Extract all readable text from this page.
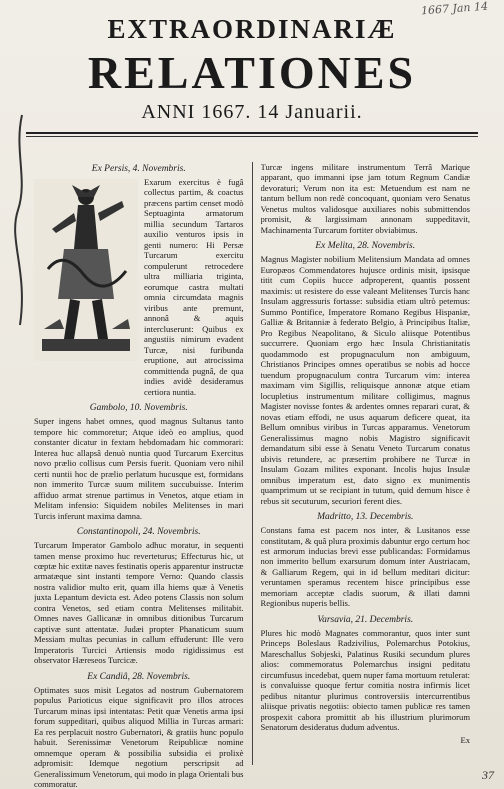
1667 Jan 14
EXTRAORDINARIÆ
RELATIONES
ANNI 1667. 14 Januarii.
Ex Persis, 4. Novembris.
Exarum exercitus è fugâ collectus partim, & coactus præcens partim censet modò Septuaginta armatorum millia secundum Tartaros auxilio venturos ipsis in genti numero: Hi Persæ Turcarum exercitu compulerunt retrocedere ultra milliaria triginta, eorumque castra multati omnia circumdata magnis viribus ante premunt, annonâ & aquis intercluserunt: Quibus ex angustiis nimirum evadent Turcæ, nisi furibunda eruptione, aut atrocissima committenda pugnâ, de qua indies avidè desideramus certiora nuntia.
Gambolo, 10. Novembris.
Super ingens habet omnes, quod magnus Sultanus tanto tempore hic commoretur; Atque ideò eo amplius, quod constanter dicatur in fextam hebdomadam hic commorari: Interea huc allapsâ denuò nuntia quod Turcarum Exercitus novo prælio collisus cum Persis fuerit. Quoniam vero nihil certi nuntii hoc de prælio perlatum hucusque est, formidans non immerito Turcæ suum militem succubuisse. Interim affiduo armat strenue partimus in Venetos, atque etiam in Melitam infensio: Siquidem nobiles Melitenses in mari Turcis inferunt maxima damna.
Constantinopoli, 24. Novembris.
Turcarum Imperator Gambolo adhuc moratur, in sequenti tamen mense proximo huc reverteturus; Effecturus hic, ut cœptæ hic extitæ naves festinatis operis apparentur instructæ armatæque sint instanti tempore Verno: Quando classis nostra validior multo erit, quam illa hiems quæ à Venetis juxta Lepantum devicta est. Adeo potens Classis non solum contra Venetos, sed etiam contra Melitenses militabit. Omnes naves Gallicanæ in omnibus ditionibus Turcarum captivæ sunt attentatæ. Judæi propter Phanaticum suum Messiam multas pecunias in callum effuderunt: Ille vero Imperatoris Turcici Artiensis modo rigidissimus est observator Hæreseos Turcicæ.
Ex Candiâ, 28. Novembris.
Optimates suos misit Legatos ad nostrum Gubernatorem populus Parioticus eique significavit pro illos atroces Turcarum minas ipsi intentatas: Petit quæ Venetis arma ipsi forum suppeditari, quibus aliquod Millia in Turcas armari: Ea res perplacuit nostro Gubernatori, & gratiis hunc populo habuit. Serenissimæ Venetorum Reipublicæ nomine omnemque operam & possibilia subsidia ei prolixè adpromisit: Idemque negotium perscripsit ad Generalissimum Venetorum, qui modo in plaga Orientali bus commoratur.
Turcæ ingens militare instrumentum Terrâ Marique apparant, quo immanni ipse jam totum Regnum Candiæ devoraturi; Verum non ita est: Metuendum est nam ne tantum bellum non redè concoquant, quoniam vero Senatus Venetus multos validosque auxiliares nobis submittendos promisit, & largissimam annonam suppeditavit, Machinamenta Turcarum fortiter obviabimus.
Ex Melita, 28. Novembris.
Magnus Magister nobilium Melitensium Mandata ad omnes Europæos Commendatores hujusce ordinis misit, ipsisque titit cum Copiis hucce adproperent, quantis possent maximis: ut resistere do esse valeant Melitenses Turcis hanc Insulam aggressuris fortasse: subsidia etiam ultrò petemus: Summo Pontifice, Imperatore Romano Regibus Hispaniæ, Galliæ & Britanniæ à federato Belgio, à Principibus Italiæ, Pro Regibus Neapolitano, & Siculo aliisque Potentibus succurrere. Quoniam ergo hæc Insula Christianitatis quodammodo est propugnaculum non ambiguum, Christianos Principes omnes operatibus se nobis ad hocce tuendum propugnaculum contra Turcarum vim: interea maximam vim Sigillis, reliquisque annonæ atque etiam locupletius instrumentum militare colligimus, magnus Magister novisse fontes & ardentes omnes reparari curat, & novas etiam effodi, ne usus aquarum deficere queat, ita Bellum omnibus viribus in Turcas apparamus. Venetorum Generalissimus magno nobis Magistro significavit demandatum sibi esse à Senatu Veneto Turcarum conatus ubivis retundere, ac præsertim prohibere ne Turcæ in Insulam Gozam milites exponant. Incolis hujus Insulæ omnibus imperatum est, dato signo ex munimentis quamprimum ut se recipiant in tutum, quid demum hisce è rebus sit secuturum, securiori ferent dies.
Madritto, 13. Decembris.
Constans fama est pacem nos inter, & Lusitanos esse constitutam, & quâ plura proximis dabuntur ergo certum hoc est armorum inducias brevi esse publicandas: Formidamus non immerito bellum exarsurum domum inter Austriacam, & Galliarum Regem, qui in id bellum meditari dicitur: veruntamen speramus recentem hisce principibus esse memoriam acceptæ cladis suorum, & illati damni Regionibus nuperis bellis.
Varsavia, 21. Decembris.
Plures hic modò Magnates commorantur, quos inter sunt Princeps Boleslaus Radzivilius, Polemarchus Potokius, Mareschallus Sobjeski, Palatinus Rusiki secundum plures alios: commemoratus Polemarchus insigni peditatu circumfusus incedebat, quem nuper fama mortuum retulerat: is convaluisse quoque fertur comitia nostra infirmis licet pedibus nitantur plurimus controversiis intercurrentibus aliisque privatis negotiis: obiecto tamen publicæ res tamen prospexit cabora promittit ab his illustrium plurimorum Senatorum desideratus dudum adventus.
Ex
37
